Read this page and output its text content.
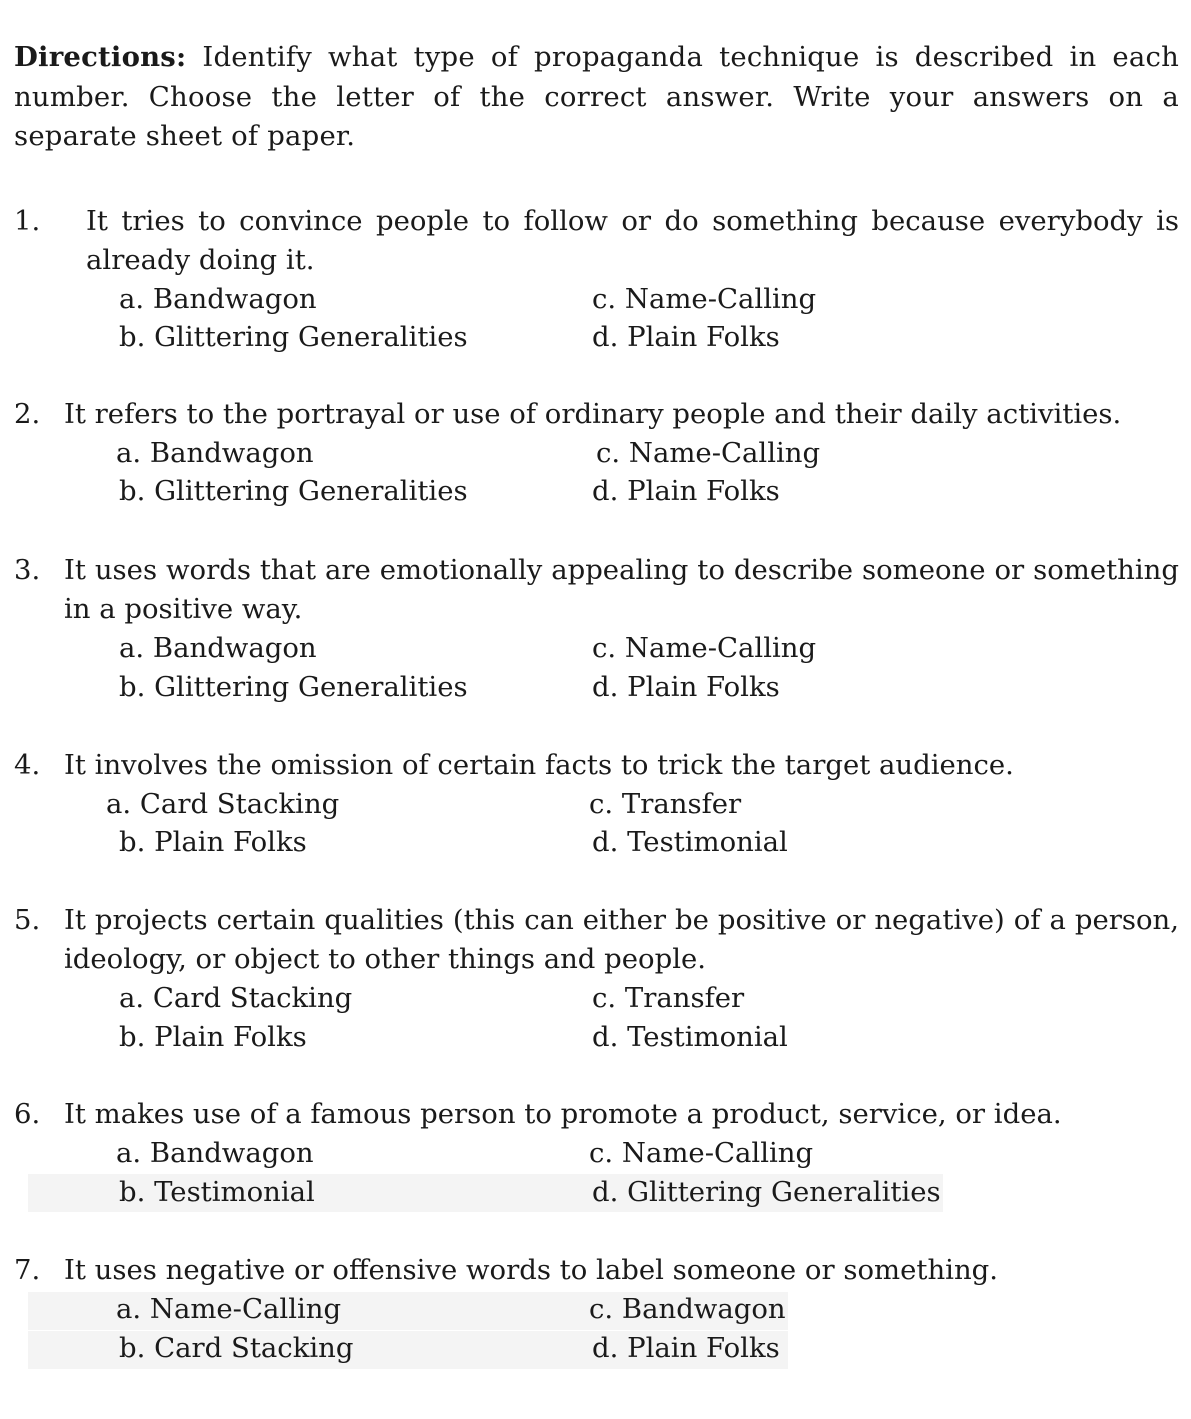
Directions: Identify what type of propaganda technique is described in each number. Choose the letter of the correct answer. Write your answers on a separate sheet of paper.

1.	It tries to convince people to follow or do something because everybody is already doing it.
a. Bandwagon
b. Glittering Generalities
c. Name-Calling
d. Plain Folks
2. It refers to the portrayal or use of ordinary people and their daily activities.
a. Bandwagon
b. Glittering Generalities
c. Name-Calling
d. Plain Folks
3. It uses words that are emotionally appealing to describe someone or something in a positive way.
a. Bandwagon
b. Glittering Generalities
c. Name-Calling
d. Plain Folks
4. It involves the omission of certain facts to trick the target audience.
a. Card Stacking
b. Plain Folks
c. Transfer
d. Testimonial
5. It projects certain qualities (this can either be positive or negative) of a person, ideology, or object to other things and people.
a. Card Stacking
b. Plain Folks
c. Transfer
d. Testimonial
6. It makes use of a famous person to promote a product, service, or idea.
a. Bandwagon
b. Testimonial
c. Name-Calling
d. Glittering Generalities
7. It uses negative or offensive words to label someone or something.
a. Name-Calling
b. Card Stacking
c. Bandwagon
d. Plain Folks
